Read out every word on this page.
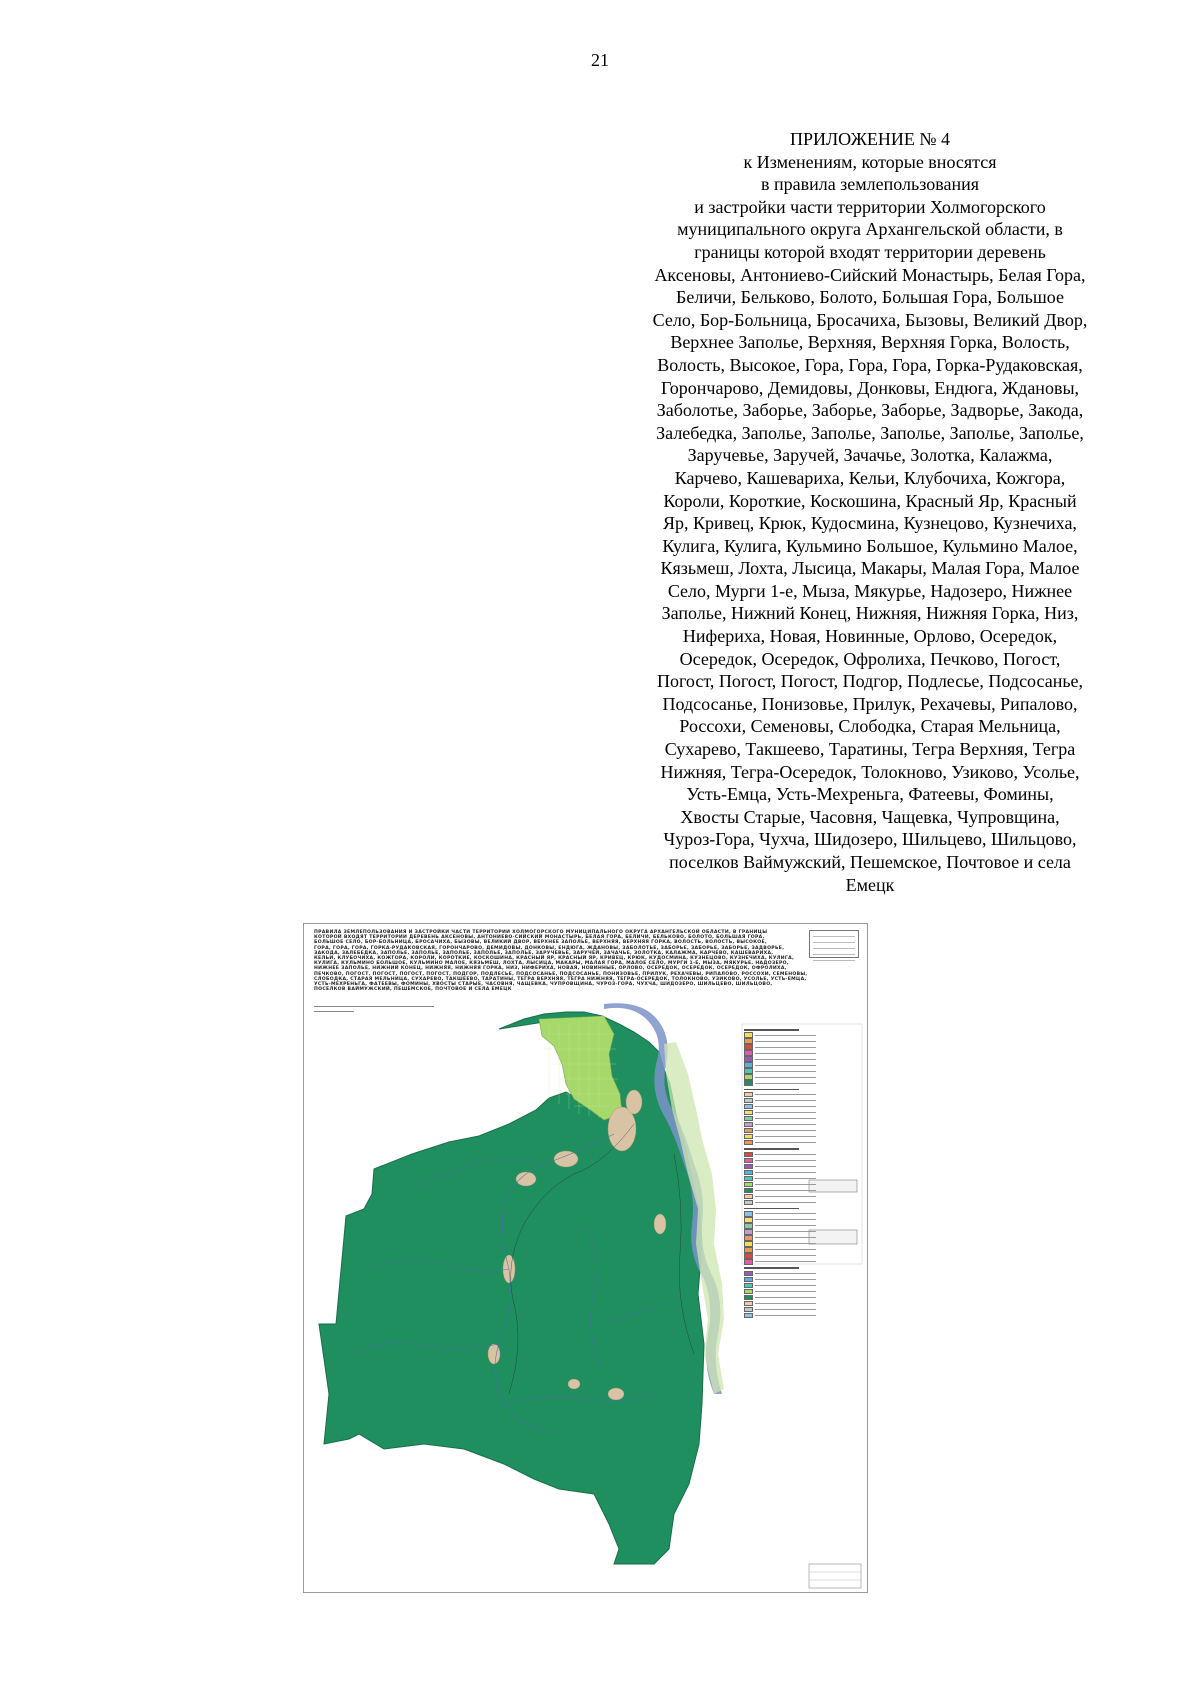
21
ПРИЛОЖЕНИЕ № 4
к Изменениям, которые вносятся
в правила землепользования
и застройки части территории Холмогорского
муниципального округа Архангельской области, в
границы которой входят территории деревень
Аксеновы, Антониево-Сийский Монастырь, Белая Гора,
Беличи, Бельково, Болото, Большая Гора, Большое
Село, Бор-Больница, Бросачиха, Бызовы, Великий Двор,
Верхнее Заполье, Верхняя, Верхняя Горка, Волость,
Волость, Высокое, Гора, Гора, Гора, Горка-Рудаковская,
Горончарово, Демидовы, Донковы, Ендюга, Ждановы,
Заболотье, Заборье, Заборье, Заборье, Задворье, Закода,
Залебедка, Заполье, Заполье, Заполье, Заполье, Заполье,
Заручевье, Заручей, Зачачье, Золотка, Калажма,
Карчево, Кашевариха, Кельи, Клубочиха, Кожгора,
Короли, Короткие, Коскошина, Красный Яр, Красный
Яр, Кривец, Крюк, Кудосмина, Кузнецово, Кузнечиха,
Кулига, Кулига, Кульмино Большое, Кульмино Малое,
Кязьмеш, Лохта, Лысица, Макары, Малая Гора, Малое
Село, Мурги 1-е, Мыза, Мякурье, Надозеро, Нижнее
Заполье, Нижний Конец, Нижняя, Нижняя Горка, Низ,
Нифериха, Новая, Новинные, Орлово, Осередок,
Осередок, Осередок, Офролиха, Печково, Погост,
Погост, Погост, Погост, Подгор, Подлесье, Подсосанье,
Подсосанье, Понизовье, Прилук, Рехачевы, Рипалово,
Россохи, Семеновы, Слободка, Старая Мельница,
Сухарево, Такшеево, Таратины, Тегра Верхняя, Тегра
Нижняя, Тегра-Осередок, Толокново, Узиково, Усолье,
Усть-Емца, Усть-Мехреньга, Фатеевы, Фомины,
Хвосты Старые, Часовня, Чащевка, Чупровщина,
Чуроз-Гора, Чухча, Шидозеро, Шильцево, Шильцово,
поселков Ваймужский, Пешемское, Почтовое и села
Емецк
ПРАВИЛА ЗЕМЛЕПОЛЬЗОВАНИЯ И ЗАСТРОЙКИ ЧАСТИ ТЕРРИТОРИИ ХОЛМОГОРСКОГО МУНИЦИПАЛЬНОГО ОКРУГА АРХАНГЕЛЬСКОЙ ОБЛАСТИ, В ГРАНИЦЫ
КОТОРОЙ ВХОДЯТ ТЕРРИТОРИИ ДЕРЕВЕНЬ АКСЕНОВЫ, АНТОНИЕВО-СИЙСКИЙ МОНАСТЫРЬ, БЕЛАЯ ГОРА, БЕЛИЧИ, БЕЛЬКОВО, БОЛОТО, БОЛЬШАЯ ГОРА,
БОЛЬШОЕ СЕЛО, БОР-БОЛЬНИЦА, БРОСАЧИХА, БЫЗОВЫ, ВЕЛИКИЙ ДВОР, ВЕРХНЕЕ ЗАПОЛЬЕ, ВЕРХНЯЯ, ВЕРХНЯЯ ГОРКА, ВОЛОСТЬ, ВОЛОСТЬ, ВЫСОКОЕ,
ГОРА, ГОРА, ГОРА, ГОРКА-РУДАКОВСКАЯ, ГОРОНЧАРОВО, ДЕМИДОВЫ, ДОНКОВЫ, ЕНДЮГА, ЖДАНОВЫ, ЗАБОЛОТЬЕ, ЗАБОРЬЕ, ЗАБОРЬЕ, ЗАБОРЬЕ, ЗАДВОРЬЕ,
ЗАКОДА, ЗАЛЕБЕДКА, ЗАПОЛЬЕ, ЗАПОЛЬЕ, ЗАПОЛЬЕ, ЗАПОЛЬЕ, ЗАПОЛЬЕ, ЗАРУЧЕВЬЕ, ЗАРУЧЕЙ, ЗАЧАЧЬЕ, ЗОЛОТКА, КАЛАЖМА, КАРЧЕВО, КАШЕВАРИХА,
КЕЛЬИ, КЛУБОЧИХА, КОЖГОРА, КОРОЛИ, КОРОТКИЕ, КОСКОШИНА, КРАСНЫЙ ЯР, КРАСНЫЙ ЯР, КРИВЕЦ, КРЮК, КУДОСМИНА, КУЗНЕЦОВО, КУЗНЕЧИХА, КУЛИГА,
КУЛИГА, КУЛЬМИНО БОЛЬШОЕ, КУЛЬМИНО МАЛОЕ, КЯЗЬМЕШ, ЛОХТА, ЛЫСИЦА, МАКАРЫ, МАЛАЯ ГОРА, МАЛОЕ СЕЛО, МУРГИ 1-Е, МЫЗА, МЯКУРЬЕ, НАДОЗЕРО,
НИЖНЕЕ ЗАПОЛЬЕ, НИЖНИЙ КОНЕЦ, НИЖНЯЯ, НИЖНЯЯ ГОРКА, НИЗ, НИФЕРИХА, НОВАЯ, НОВИННЫЕ, ОРЛОВО, ОСЕРЕДОК, ОСЕРЕДОК, ОСЕРЕДОК, ОФРОЛИХА,
ПЕЧКОВО, ПОГОСТ, ПОГОСТ, ПОГОСТ, ПОГОСТ, ПОДГОР, ПОДЛЕСЬЕ, ПОДСОСАНЬЕ, ПОДСОСАНЬЕ, ПОНИЗОВЬЕ, ПРИЛУК, РЕХАЧЕВЫ, РИПАЛОВО, РОССОХИ, СЕМЕНОВЫ,
СЛОБОДКА, СТАРАЯ МЕЛЬНИЦА, СУХАРЕВО, ТАКШЕЕВО, ТАРАТИНЫ, ТЕГРА ВЕРХНЯЯ, ТЕГРА НИЖНЯЯ, ТЕГРА-ОСЕРЕДОК, ТОЛОКНОВО, УЗИКОВО, УСОЛЬЕ, УСТЬ-ЕМЦА,
УСТЬ-МЕХРЕНЬГА, ФАТЕЕВЫ, ФОМИНЫ, ХВОСТЫ СТАРЫЕ, ЧАСОВНЯ, ЧАЩЕВКА, ЧУПРОВЩИНА, ЧУРОЗ-ГОРА, ЧУХЧА, ШИДОЗЕРО, ШИЛЬЦЕВО, ШИЛЬЦОВО,
ПОСЕЛКОВ ВАЙМУЖСКИЙ, ПЕШЕМСКОЕ, ПОЧТОВОЕ И СЕЛА ЕМЕЦК
